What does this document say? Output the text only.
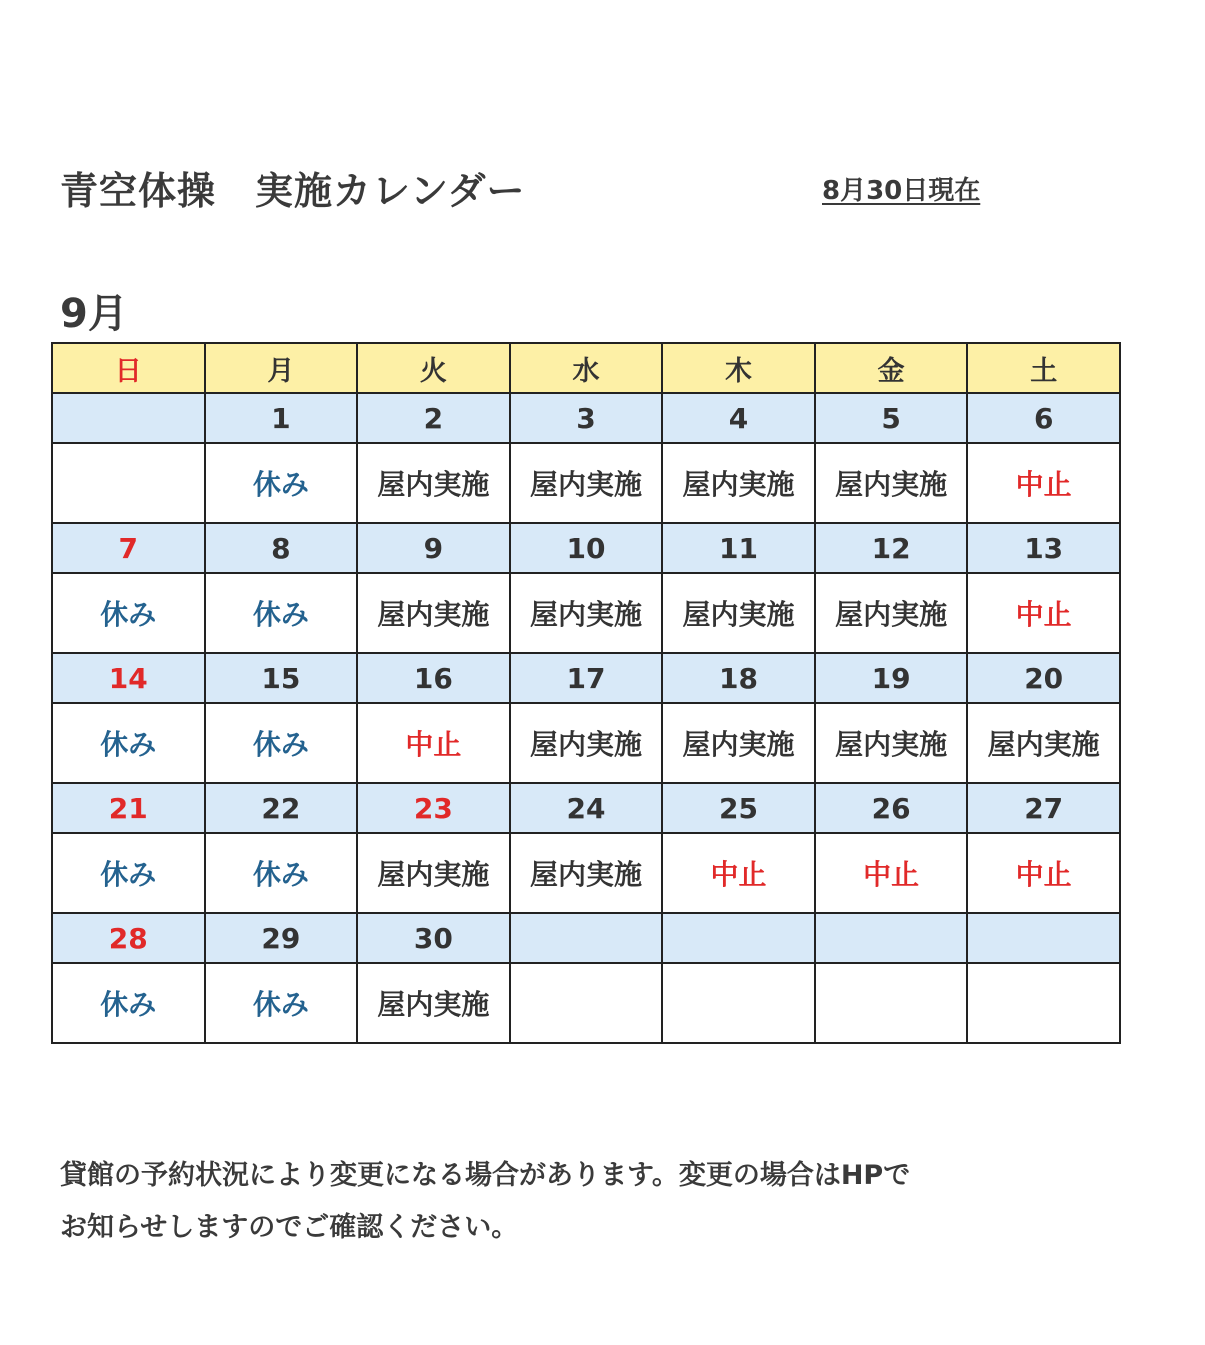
青空体操　実施カレンダー	8月30日現在
9月
日	月	火	水	木	金	土
	1	2	3	4	5	6
	休み	屋内実施	屋内実施	屋内実施	屋内実施	中止
7	8	9	10	11	12	13
休み	休み	屋内実施	屋内実施	屋内実施	屋内実施	中止
14	15	16	17	18	19	20
休み	休み	中止	屋内実施	屋内実施	屋内実施	屋内実施
21	22	23	24	25	26	27
休み	休み	屋内実施	屋内実施	中止	中止	中止
28	29	30				
休み	休み	屋内実施				
貸館の予約状況により変更になる場合があります。変更の場合はHPで
お知らせしますのでご確認ください。
